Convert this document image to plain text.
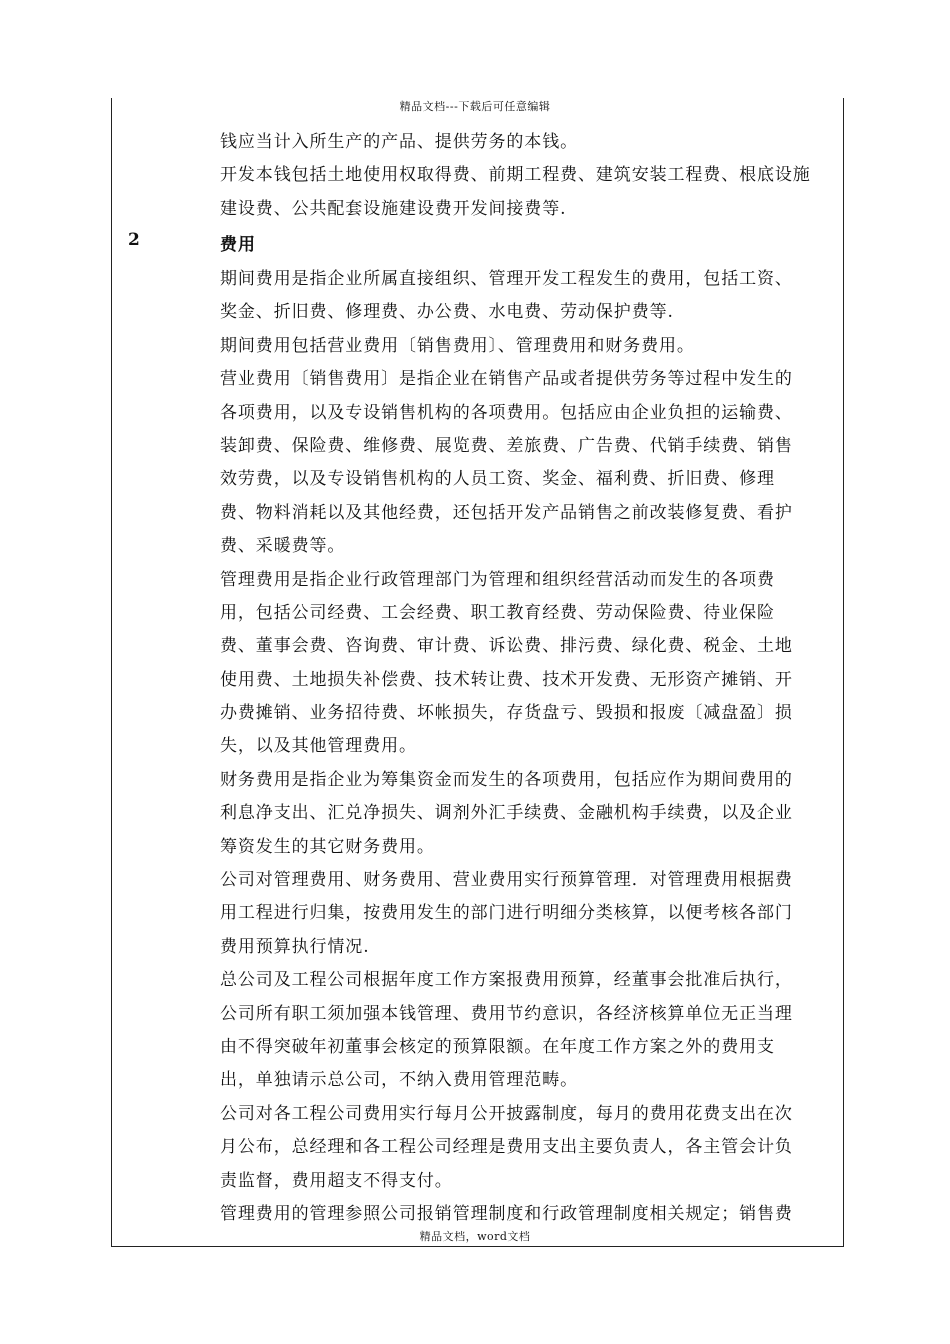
精品文档---下载后可任意编辑
钱应当计入所生产的产品、提供劳务的本钱。
开发本钱包括土地使用权取得费、前期工程费、建筑安装工程费、根底设施
建设费、公共配套设施建设费开发间接费等.
2	费用
期间费用是指企业所属直接组织、管理开发工程发生的费用，包括工资、
奖金、折旧费、修理费、办公费、水电费、劳动保护费等.
期间费用包括营业费用〔销售费用〕、管理费用和财务费用。
营业费用〔销售费用〕是指企业在销售产品或者提供劳务等过程中发生的
各项费用，以及专设销售机构的各项费用。包括应由企业负担的运输费、
装卸费、保险费、维修费、展览费、差旅费、广告费、代销手续费、销售
效劳费，以及专设销售机构的人员工资、奖金、福利费、折旧费、修理
费、物料消耗以及其他经费，还包括开发产品销售之前改装修复费、看护
费、采暖费等。
管理费用是指企业行政管理部门为管理和组织经营活动而发生的各项费
用，包括公司经费、工会经费、职工教育经费、劳动保险费、待业保险
费、董事会费、咨询费、审计费、诉讼费、排污费、绿化费、税金、土地
使用费、土地损失补偿费、技术转让费、技术开发费、无形资产摊销、开
办费摊销、业务招待费、坏帐损失，存货盘亏、毁损和报废〔减盘盈〕损
失，以及其他管理费用。
财务费用是指企业为筹集资金而发生的各项费用，包括应作为期间费用的
利息净支出、汇兑净损失、调剂外汇手续费、金融机构手续费，以及企业
筹资发生的其它财务费用。
公司对管理费用、财务费用、营业费用实行预算管理．对管理费用根据费
用工程进行归集，按费用发生的部门进行明细分类核算，以便考核各部门
费用预算执行情况.
总公司及工程公司根据年度工作方案报费用预算，经董事会批准后执行，
公司所有职工须加强本钱管理、费用节约意识，各经济核算单位无正当理
由不得突破年初董事会核定的预算限额。在年度工作方案之外的费用支
出，单独请示总公司，不纳入费用管理范畴。
公司对各工程公司费用实行每月公开披露制度，每月的费用花费支出在次
月公布，总经理和各工程公司经理是费用支出主要负责人，各主管会计负
责监督，费用超支不得支付。
管理费用的管理参照公司报销管理制度和行政管理制度相关规定；销售费
精品文档，word文档
